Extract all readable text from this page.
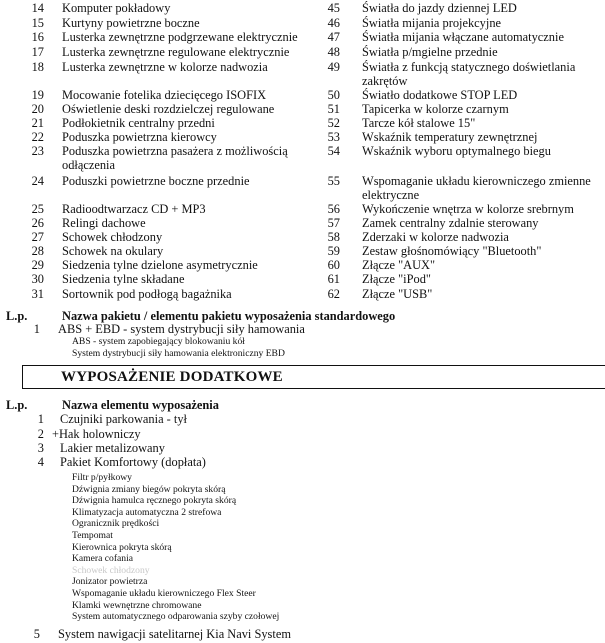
14 Komputer pokładowy
15 Kurtyny powietrzne boczne
16 Lusterka zewnętrzne podgrzewane elektrycznie
17 Lusterka zewnętrzne regulowane elektrycznie
18 Lusterka zewnętrzne w kolorze nadwozia
19 Mocowanie fotelika dziecięcego ISOFIX
20 Oświetlenie deski rozdzielczej regulowane
21 Podłokietnik centralny przedni
22 Poduszka powietrzna kierowcy
23 Poduszka powietrzna pasażera z możliwością
odłączenia
24 Poduszki powietrzne boczne przednie
25 Radioodtwarzacz CD + MP3
26 Relingi dachowe
27 Schowek chłodzony
28 Schowek na okulary
29 Siedzenia tylne dzielone asymetrycznie
30 Siedzenia tylne składane
31 Sortownik pod podłogą bagażnika
45 Światła do jazdy dziennej LED
46 Światła mijania projekcyjne
47 Światła mijania włączane automatycznie
48 Światła p/mgielne przednie
49 Światła z funkcją statycznego doświetlania
zakrętów
50 Światło dodatkowe STOP LED
51 Tapicerka w kolorze czarnym
52 Tarcze kół stalowe 15"
53 Wskaźnik temperatury zewnętrznej
54 Wskaźnik wyboru optymalnego biegu
55 Wspomaganie układu kierowniczego zmienne
elektryczne
56 Wykończenie wnętrza w kolorze srebrnym
57 Zamek centralny zdalnie sterowany
58 Zderzaki w kolorze nadwozia
59 Zestaw głośnomówiący "Bluetooth"
60 Złącze "AUX"
61 Złącze "iPod"
62 Złącze "USB"
L.p.	Nazwa pakietu / elementu pakietu wyposażenia standardowego
1 ABS + EBD - system dystrybucji siły hamowania
ABS - system zapobiegający blokowaniu kół
System dystrybucji siły hamowania elektroniczny EBD
WYPOSAŻENIE DODATKOWE
L.p.	Nazwa elementu wyposażenia
1 Czujniki parkowania - tył
2 +Hak holowniczy
3 Lakier metalizowany
4 Pakiet Komfortowy (dopłata)
Filtr p/pyłkowy
Dźwignia zmiany biegów pokryta skórą
Dźwignia hamulca ręcznego pokryta skórą
Klimatyzacja automatyczna 2 strefowa
Ogranicznik prędkości
Tempomat
Kierownica pokryta skórą
Kamera cofania
Schowek chłodzony
Jonizator powietrza
Wspomaganie układu kierowniczego Flex Steer
Klamki wewnętrzne chromowane
System automatycznego odparowania szyby czołowej
5 System nawigacji satelitarnej Kia Navi System
